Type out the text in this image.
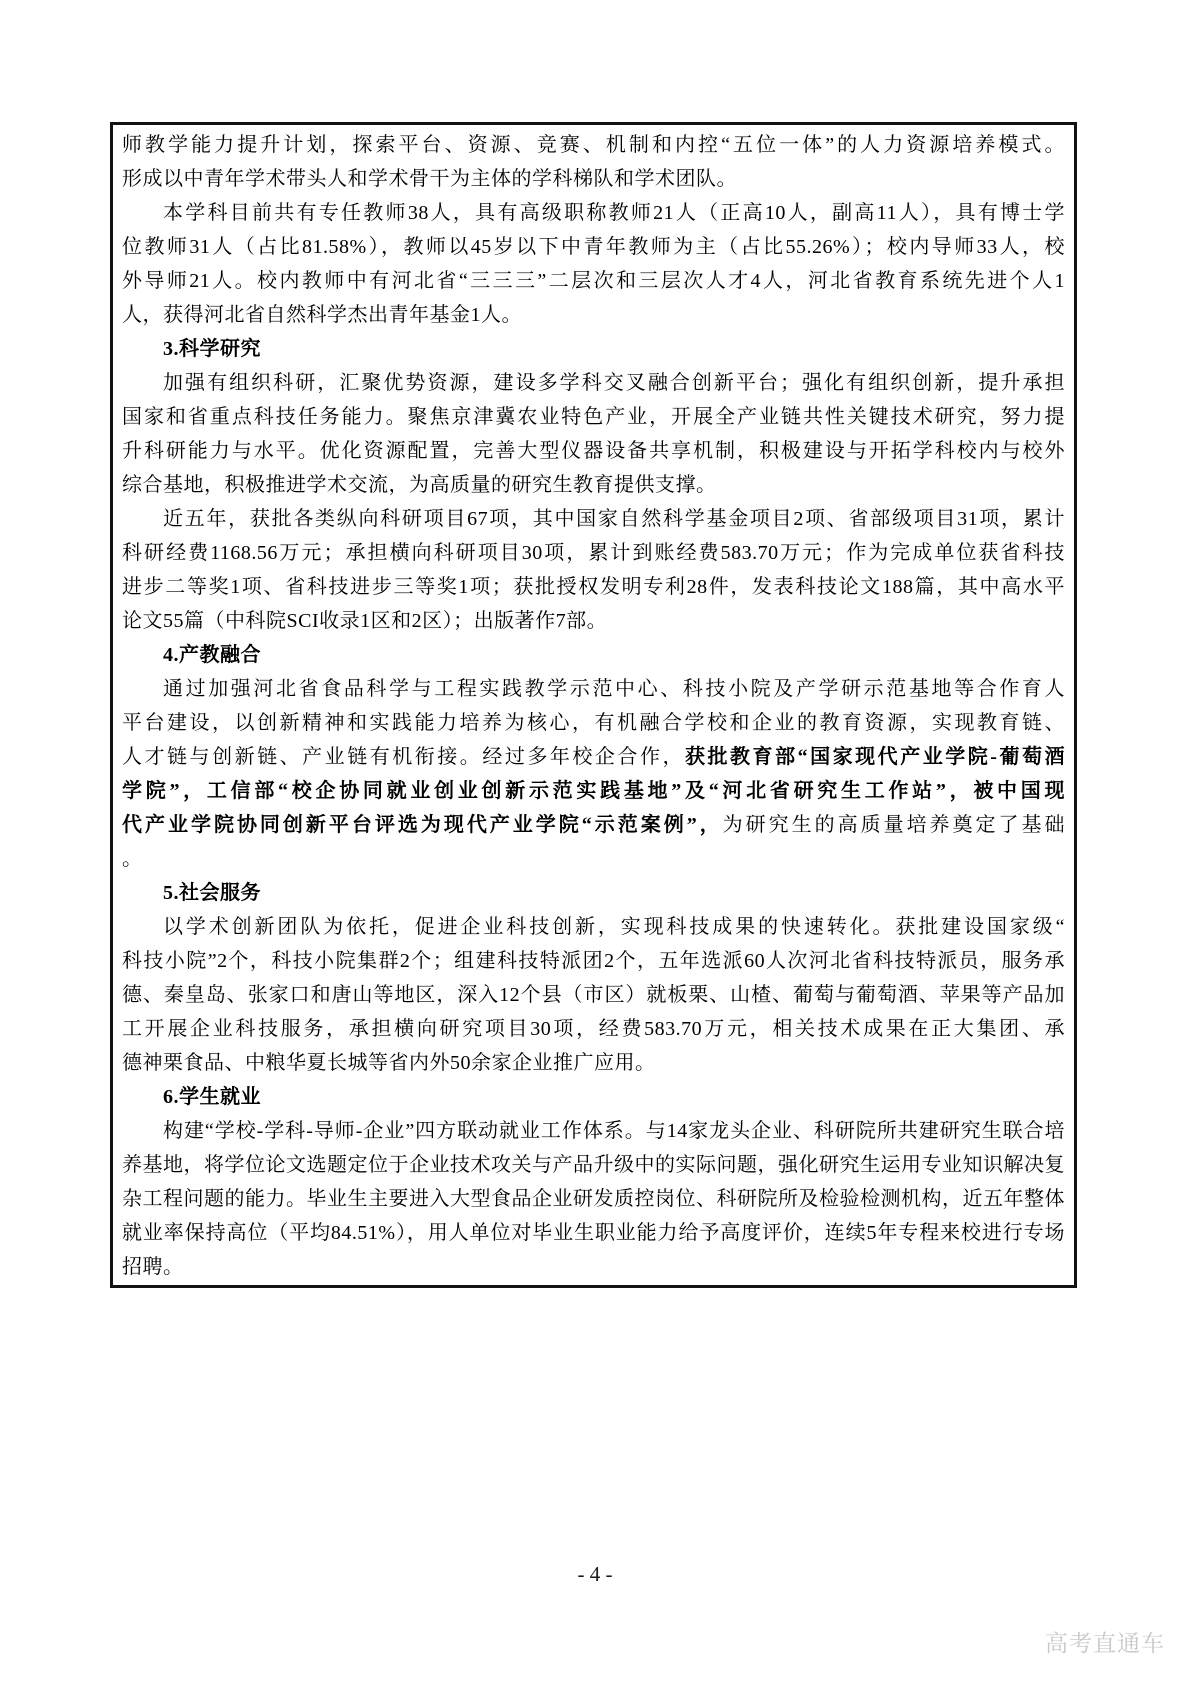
师教学能力提升计划，探索平台、资源、竞赛、机制和内控“五位一体”的人力资源培养模式。
形成以中青年学术带头人和学术骨干为主体的学科梯队和学术团队。
本学科目前共有专任教师38人，具有高级职称教师21人（正高10人，副高11人），具有博士学
位教师31人（占比81.58%），教师以45岁以下中青年教师为主（占比55.26%）；校内导师33人，校
外导师21人。校内教师中有河北省“三三三”二层次和三层次人才4人，河北省教育系统先进个人1
人，获得河北省自然科学杰出青年基金1人。
3.科学研究
加强有组织科研，汇聚优势资源，建设多学科交叉融合创新平台；强化有组织创新，提升承担
国家和省重点科技任务能力。聚焦京津冀农业特色产业，开展全产业链共性关键技术研究，努力提
升科研能力与水平。优化资源配置，完善大型仪器设备共享机制，积极建设与开拓学科校内与校外
综合基地，积极推进学术交流，为高质量的研究生教育提供支撑。
近五年，获批各类纵向科研项目67项，其中国家自然科学基金项目2项、省部级项目31项，累计
科研经费1168.56万元；承担横向科研项目30项，累计到账经费583.70万元；作为完成单位获省科技
进步二等奖1项、省科技进步三等奖1项；获批授权发明专利28件，发表科技论文188篇，其中高水平
论文55篇（中科院SCI收录1区和2区）；出版著作7部。
4.产教融合
通过加强河北省食品科学与工程实践教学示范中心、科技小院及产学研示范基地等合作育人
平台建设，以创新精神和实践能力培养为核心，有机融合学校和企业的教育资源，实现教育链、
人才链与创新链、产业链有机衔接。经过多年校企合作，获批教育部“国家现代产业学院-葡萄酒
学院”，工信部“校企协同就业创业创新示范实践基地”及“河北省研究生工作站”，被中国现
代产业学院协同创新平台评选为现代产业学院“示范案例”，为研究生的高质量培养奠定了基础
。
5.社会服务
以学术创新团队为依托，促进企业科技创新，实现科技成果的快速转化。获批建设国家级“
科技小院”2个，科技小院集群2个；组建科技特派团2个，五年选派60人次河北省科技特派员，服务承
德、秦皇岛、张家口和唐山等地区，深入12个县（市区）就板栗、山楂、葡萄与葡萄酒、苹果等产品加
工开展企业科技服务，承担横向研究项目30项，经费583.70万元，相关技术成果在正大集团、承
德神栗食品、中粮华夏长城等省内外50余家企业推广应用。
6.学生就业
构建“学校-学科-导师-企业”四方联动就业工作体系。与14家龙头企业、科研院所共建研究生联合培
养基地，将学位论文选题定位于企业技术攻关与产品升级中的实际问题，强化研究生运用专业知识解决复
杂工程问题的能力。毕业生主要进入大型食品企业研发质控岗位、科研院所及检验检测机构，近五年整体
就业率保持高位（平均84.51%），用人单位对毕业生职业能力给予高度评价，连续5年专程来校进行专场
招聘。
- 4 -
高考直通车
